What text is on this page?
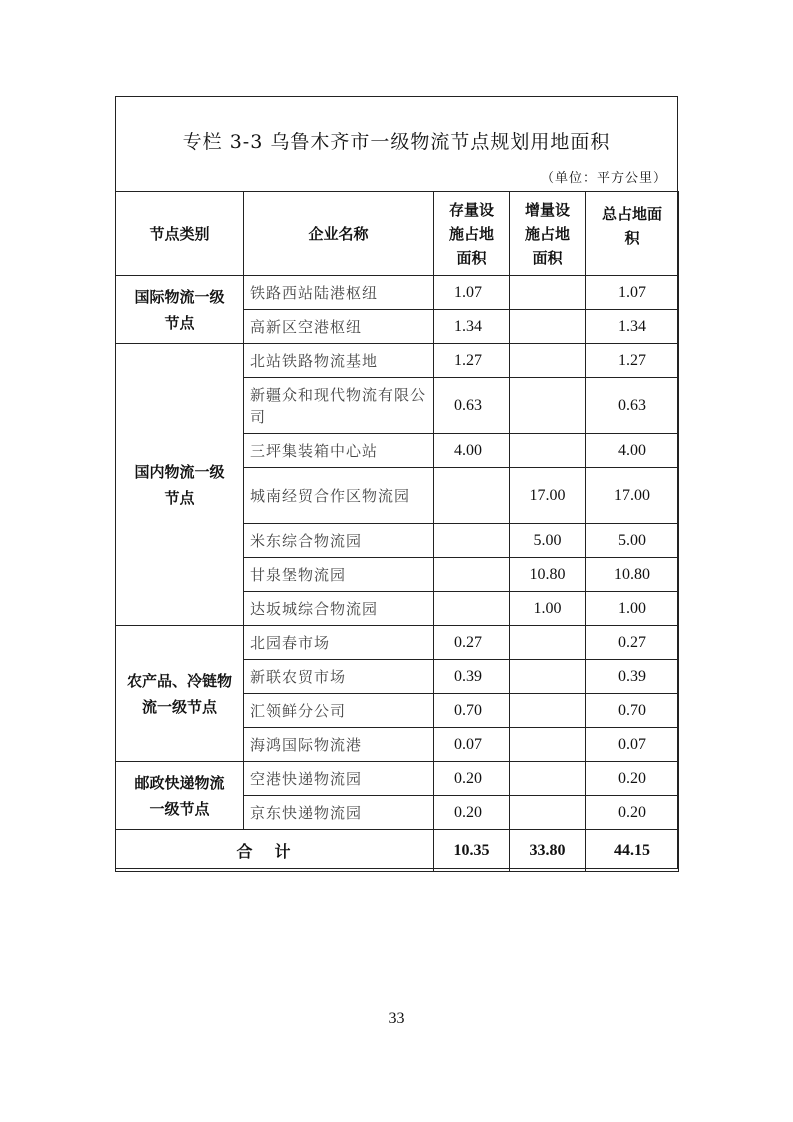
专栏 3-3 乌鲁木齐市一级物流节点规划用地面积
（单位：平方公里）
节点类别	企业名称	存量设施占地面积	增量设施占地面积	总占地面积
国际物流一级节点	铁路西站陆港枢纽	1.07		1.07
	高新区空港枢纽	1.34		1.34
国内物流一级节点	北站铁路物流基地	1.27		1.27
	新疆众和现代物流有限公司	0.63		0.63
	三坪集装箱中心站	4.00		4.00
	城南经贸合作区物流园		17.00	17.00
	米东综合物流园		5.00	5.00
	甘泉堡物流园		10.80	10.80
	达坂城综合物流园		1.00	1.00
农产品、冷链物流一级节点	北园春市场	0.27		0.27
	新联农贸市场	0.39		0.39
	汇领鲜分公司	0.70		0.70
	海鸿国际物流港	0.07		0.07
邮政快递物流一级节点	空港快递物流园	0.20		0.20
	京东快递物流园	0.20		0.20
合计		10.35	33.80	44.15
33
